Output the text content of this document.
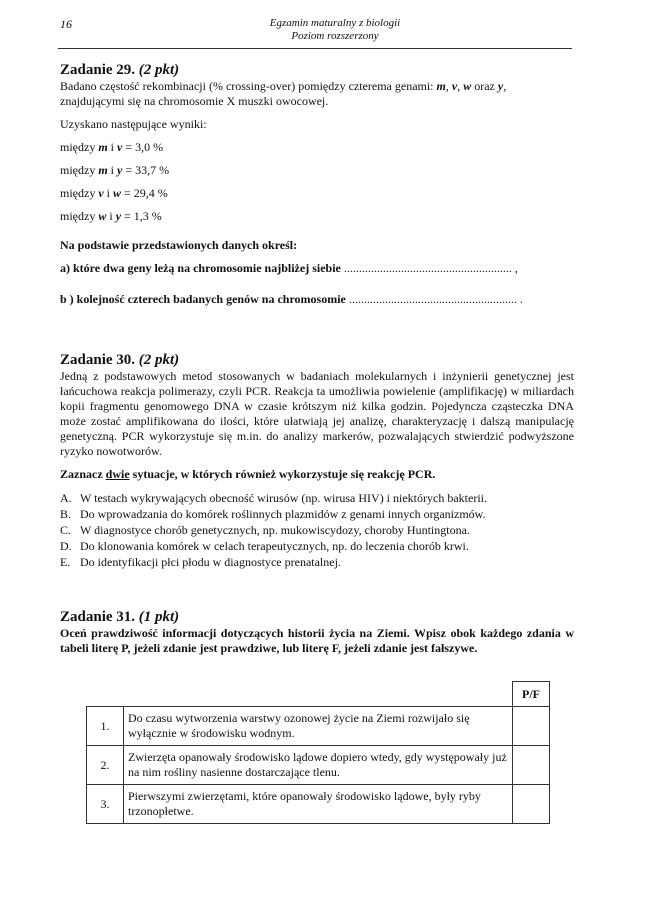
16	Egzamin maturalny z biologii
Poziom rozszerzony
Zadanie 29. (2 pkt)
Badano częstość rekombinacji (% crossing-over) pomiędzy czterema genami: m, v, w oraz y,
znajdującymi się na chromosomie X muszki owocowej.
Uzyskano następujące wyniki:
między m i v = 3,0 %
między m i y = 33,7 %
między v i w = 29,4 %
między w i y = 1,3 %
Na podstawie przedstawionych danych określ:
a) które dwa geny leżą na chromosomie najbliżej siebie ........................................................ ,
b ) kolejność czterech badanych genów na chromosomie ........................................................ .
Zadanie 30. (2 pkt)
Jedną z podstawowych metod stosowanych w badaniach molekularnych i inżynierii genetycznej jest łańcuchowa reakcja polimerazy, czyli PCR. Reakcja ta umożliwia powielenie (amplifikację) w miliardach kopii fragmentu genomowego DNA w czasie krótszym niż kilka godzin. Pojedyncza cząsteczka DNA może zostać amplifikowana do ilości, które ułatwiają jej analizę, charakteryzację i dalszą manipulację genetyczną. PCR wykorzystuje się m.in. do analizy markerów, pozwalających stwierdzić podwyższone ryzyko nowotworów.
Zaznacz dwie sytuacje, w których również wykorzystuje się reakcję PCR.
A. W testach wykrywających obecność wirusów (np. wirusa HIV) i niektórych bakterii.
B. Do wprowadzania do komórek roślinnych plazmidów z genami innych organizmów.
C. W diagnostyce chorób genetycznych, np. mukowiscydozy, choroby Huntingtona.
D. Do klonowania komórek w celach terapeutycznych, np. do leczenia chorób krwi.
E. Do identyfikacji płci płodu w diagnostyce prenatalnej.
Zadanie 31. (1 pkt)
Oceń prawdziwość informacji dotyczących historii życia na Ziemi. Wpisz obok każdego zdania w tabeli literę P, jeżeli zdanie jest prawdziwe, lub literę F, jeżeli zdanie jest fałszywe.
		P/F
1.	Do czasu wytworzenia warstwy ozonowej życie na Ziemi rozwijało się wyłącznie w środowisku wodnym.	
2.	Zwierzęta opanowały środowisko lądowe dopiero wtedy, gdy występowały już na nim rośliny nasienne dostarczające tlenu.	
3.	Pierwszymi zwierzętami, które opanowały środowisko lądowe, były ryby trzonopłetwe.	
